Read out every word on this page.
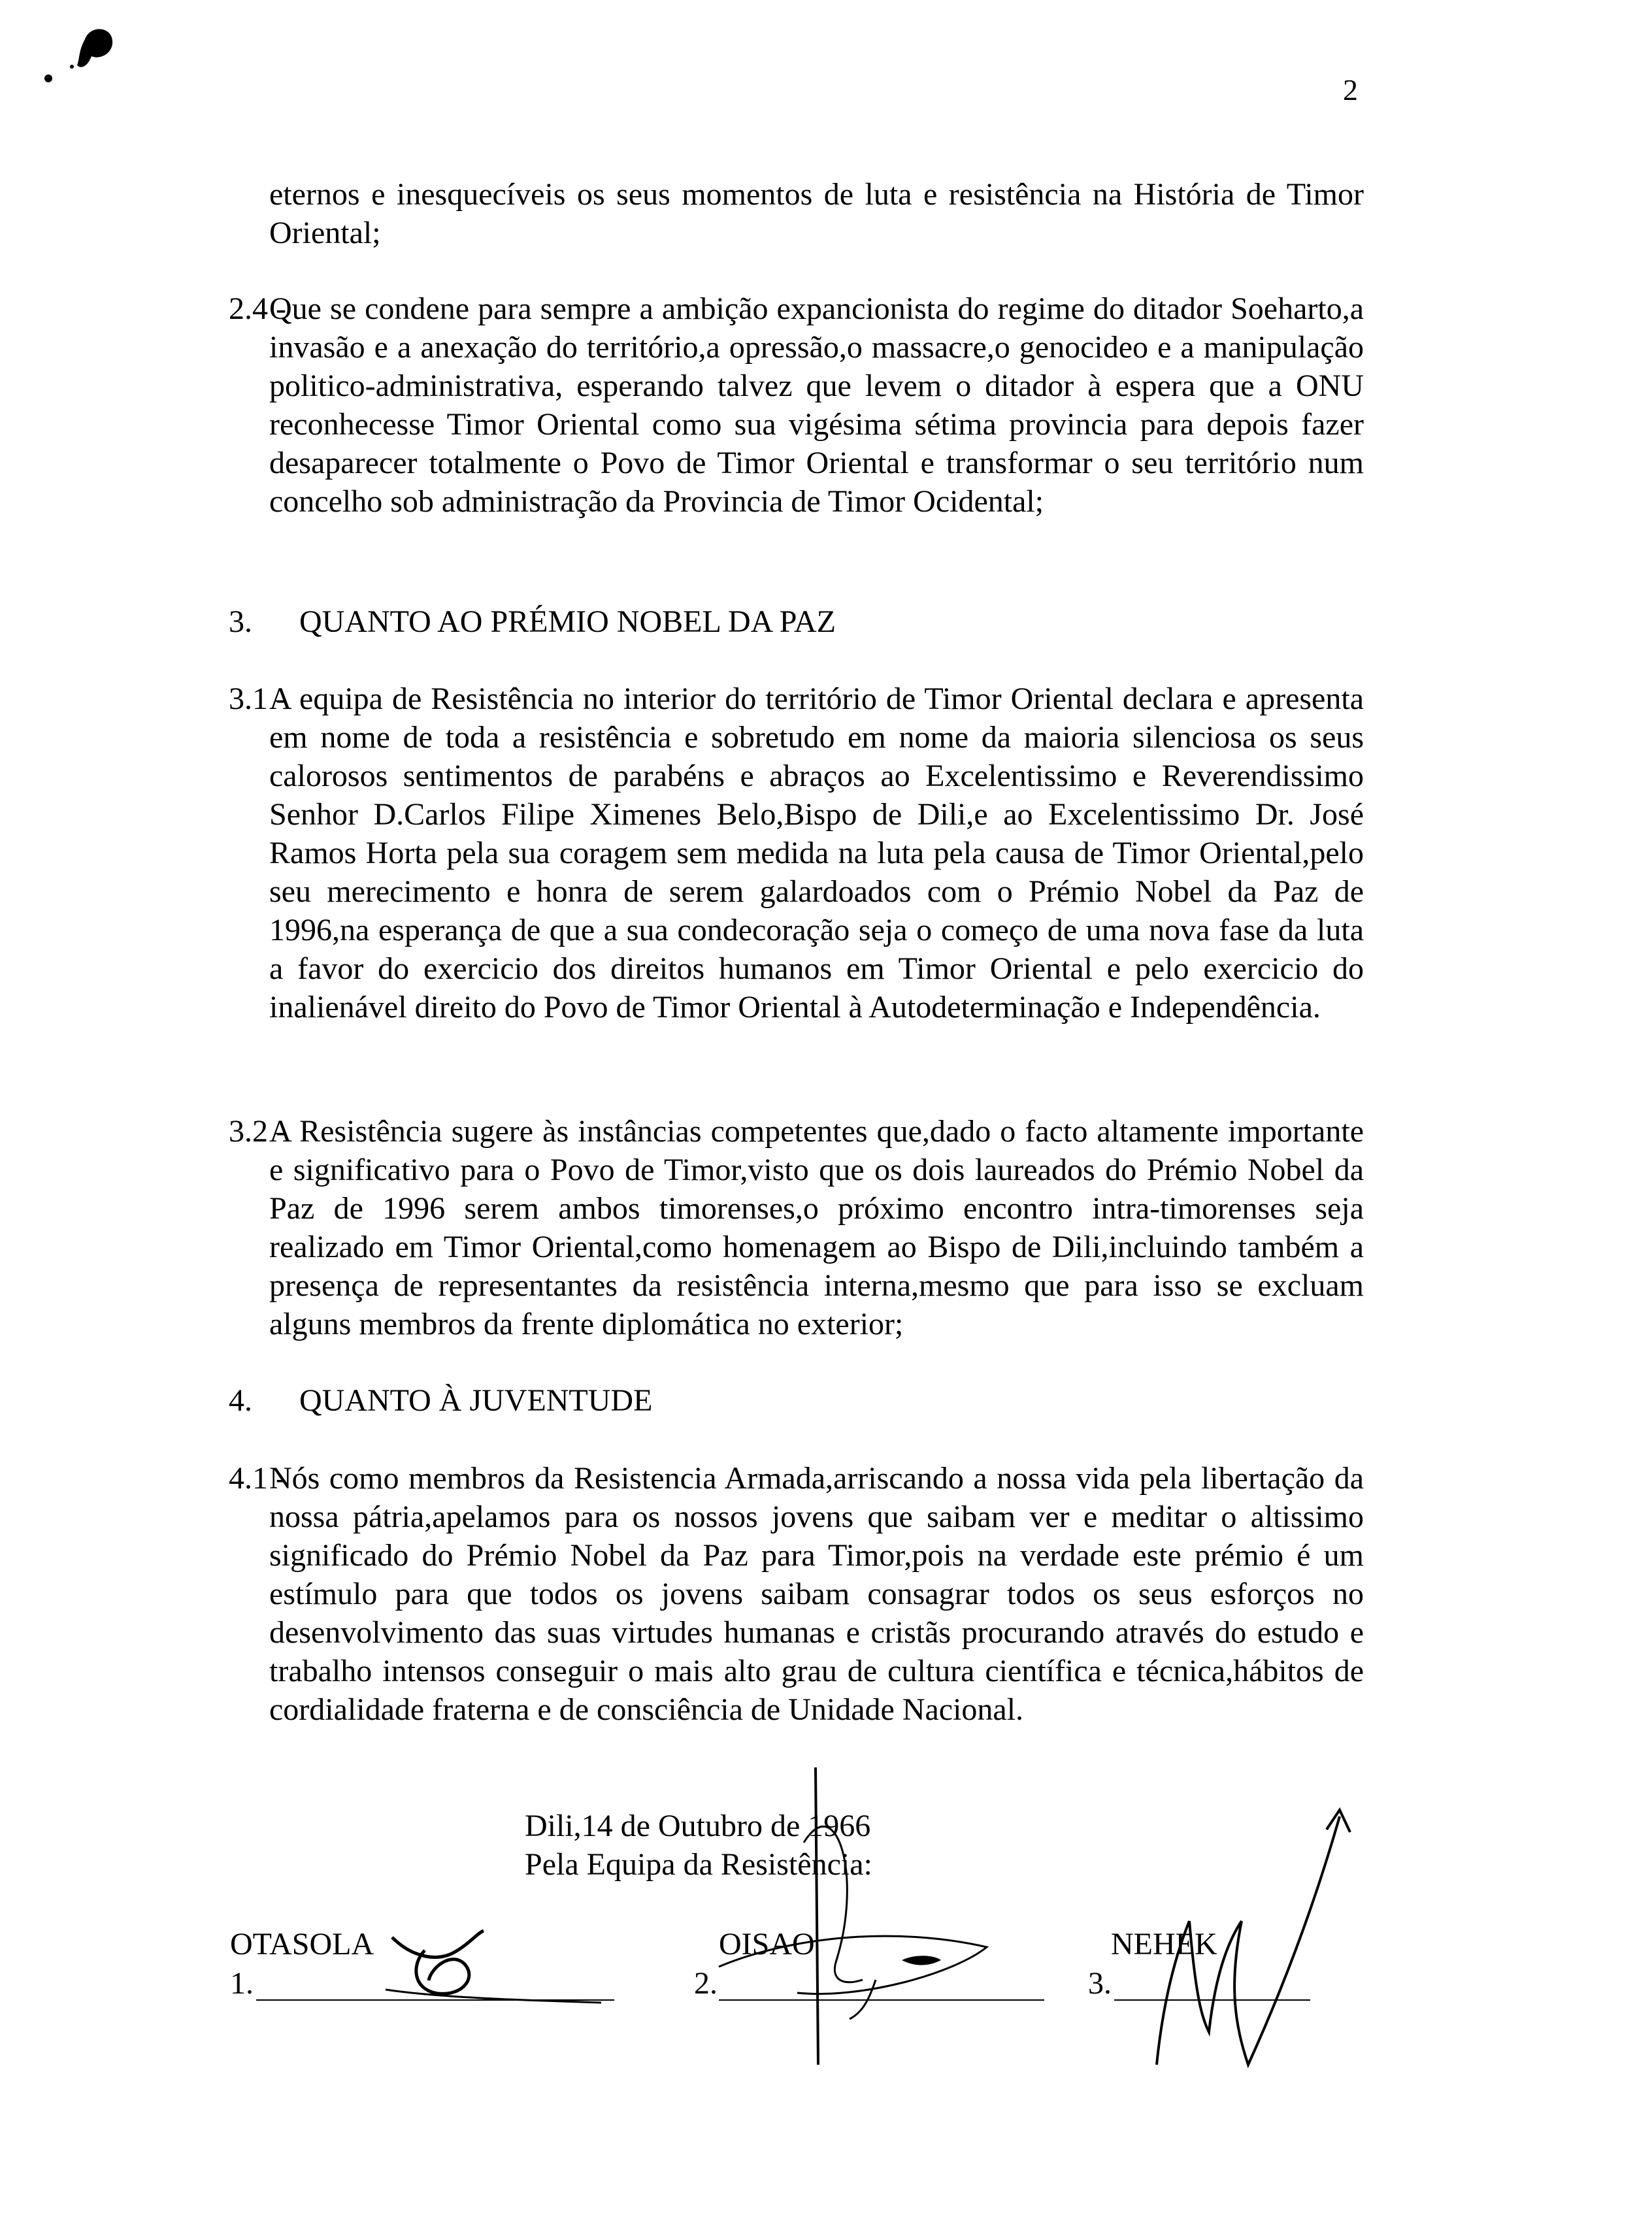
2
eternos e inesquecíveis os seus momentos de luta e resistência na História de Timor Oriental;
2.4 -
Que se condene para sempre a ambição expancionista do regime do ditador Soeharto,a invasão e a anexação do território,a opressão,o massacre,o genocideo e a manipulação politico-administrativa, esperando talvez que levem o ditador à espera que a ONU reconhecesse Timor Oriental como sua vigésima sétima provincia para depois fazer desaparecer totalmente o Povo de Timor Oriental e transformar o seu território num concelho sob administração da Provincia de Timor Ocidental;
3. QUANTO AO PRÉMIO NOBEL DA PAZ
3.1 -
A equipa de Resistência no interior do território de Timor Oriental declara e apresenta em nome de toda a resistência e sobretudo em nome da maioria silenciosa os seus calorosos sentimentos de parabéns e abraços ao Excelentissimo e Reverendissimo Senhor D.Carlos Filipe Ximenes Belo,Bispo de Dili,e ao Excelentissimo Dr. José Ramos Horta pela sua coragem sem medida na luta pela causa de Timor Oriental,pelo seu merecimento e honra de serem galardoados com o Prémio Nobel da Paz de 1996,na esperança de que a sua condecoração seja o começo de uma nova fase da luta a favor do exercicio dos direitos humanos em Timor Oriental e pelo exercicio do inalienável direito do Povo de Timor Oriental à Autodeterminação e Independência.
3.2 -
A Resistência sugere às instâncias competentes que,dado o facto altamente importante e significativo para o Povo de Timor,visto que os dois laureados do Prémio Nobel da Paz de 1996 serem ambos timorenses,o próximo encontro intra-timorenses seja realizado em Timor Oriental,como homenagem ao Bispo de Dili,incluindo também a presença de representantes da resistência interna,mesmo que para isso se excluam alguns membros da frente diplomática no exterior;
4. QUANTO À JUVENTUDE
4.1 -
Nós como membros da Resistencia Armada,arriscando a nossa vida pela libertação da nossa pátria,apelamos para os nossos jovens que saibam ver e meditar o altissimo significado do Prémio Nobel da Paz para Timor,pois na verdade este prémio é um estímulo para que todos os jovens saibam consagrar todos os seus esforços no desenvolvimento das suas virtudes humanas e cristãs procurando através do estudo e trabalho intensos conseguir o mais alto grau de cultura científica e técnica,hábitos de cordialidade fraterna e de consciência de Unidade Nacional.
Dili,14 de Outubro de 1966
Pela Equipa da Resistência:
OTASOLA
1.
OISAO
2.
NEHEK
3.
